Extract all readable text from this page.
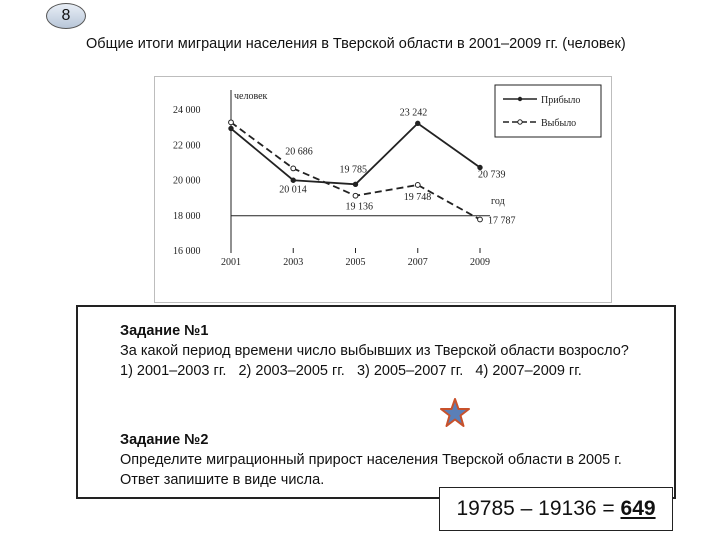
8
Общие итоги миграции населения в Тверской области в 2001–2009 гг. (человек)
человек
год
24 000
22 000
20 000
18 000
16 000
2001	2003	2005	2007	2009
20 014
19 785
23 242
20 739
20 686
19 136
19 748
17 787
Прибыло
Выбыло
Задание №1
За какой период времени число выбывших из Тверской области возросло?
1) 2001–2003 гг. 2) 2003–2005 гг. 3) 2005–2007 гг. 4) 2007–2009 гг.
Задание №2
Определите миграционный прирост населения Тверской области в 2005 г. Ответ запишите в виде числа.
19785 – 19136 = 649
